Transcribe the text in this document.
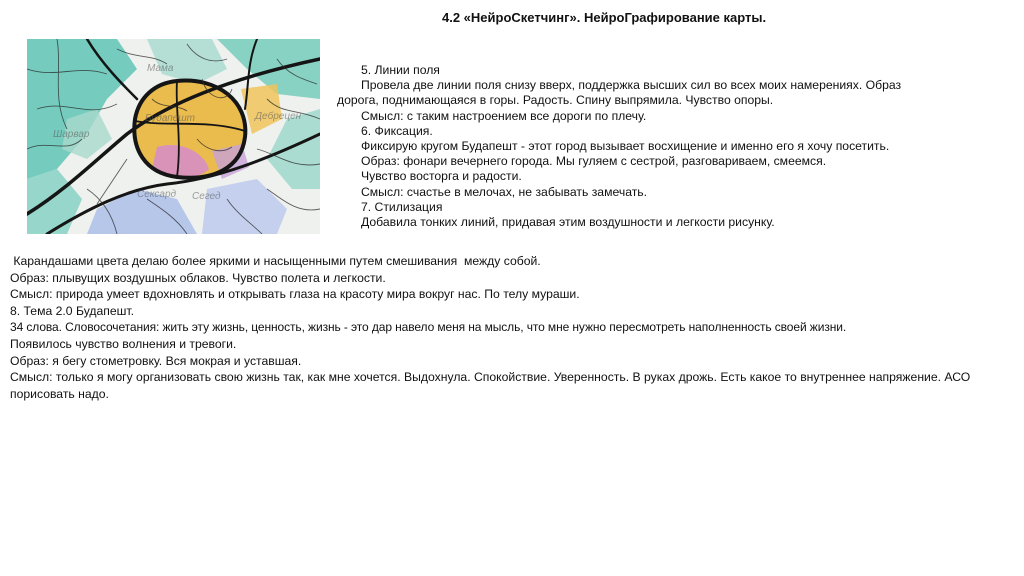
4.2 «НейроСкетчинг». НейроГрафирование карты.
Мама
Будапешт	Дебрецен
Шарвар
Сексард Сегед
5. Линии поля
Провела две линии поля снизу вверх, поддержка высших сил во всех моих намерениях. Образ
дорога, поднимающаяся в горы. Радость. Спину выпрямила. Чувство опоры.
Смысл: с таким настроением все дороги по плечу.
6. Фиксация.
Фиксирую кругом Будапешт - этот город вызывает восхищение и именно его я хочу посетить.
Образ: фонари вечернего города. Мы гуляем с сестрой, разговариваем, смеемся.
Чувство восторга и радости.
Смысл: счастье в мелочах, не забывать замечать.
7. Стилизация
Добавила тонких линий, придавая этим воздушности и легкости рисунку.
Карандашами цвета делаю более яркими и насыщенными путем смешивания  между собой.
Образ: плывущих воздушных облаков. Чувство полета и легкости.
Смысл: природа умеет вдохновлять и открывать глаза на красоту мира вокруг нас. По телу мураши.
8. Тема 2.0 Будапешт.
34 слова. Словосочетания: жить эту жизнь, ценность, жизнь - это дар навело меня на мысль, что мне нужно пересмотреть наполненность своей жизни.
Появилось чувство волнения и тревоги.
Образ: я бегу стометровку. Вся мокрая и уставшая.
Смысл: только я могу организовать свою жизнь так, как мне хочется. Выдохнула. Спокойствие. Уверенность. В руках дрожь. Есть какое то внутреннее напряжение. АСО порисовать надо.
